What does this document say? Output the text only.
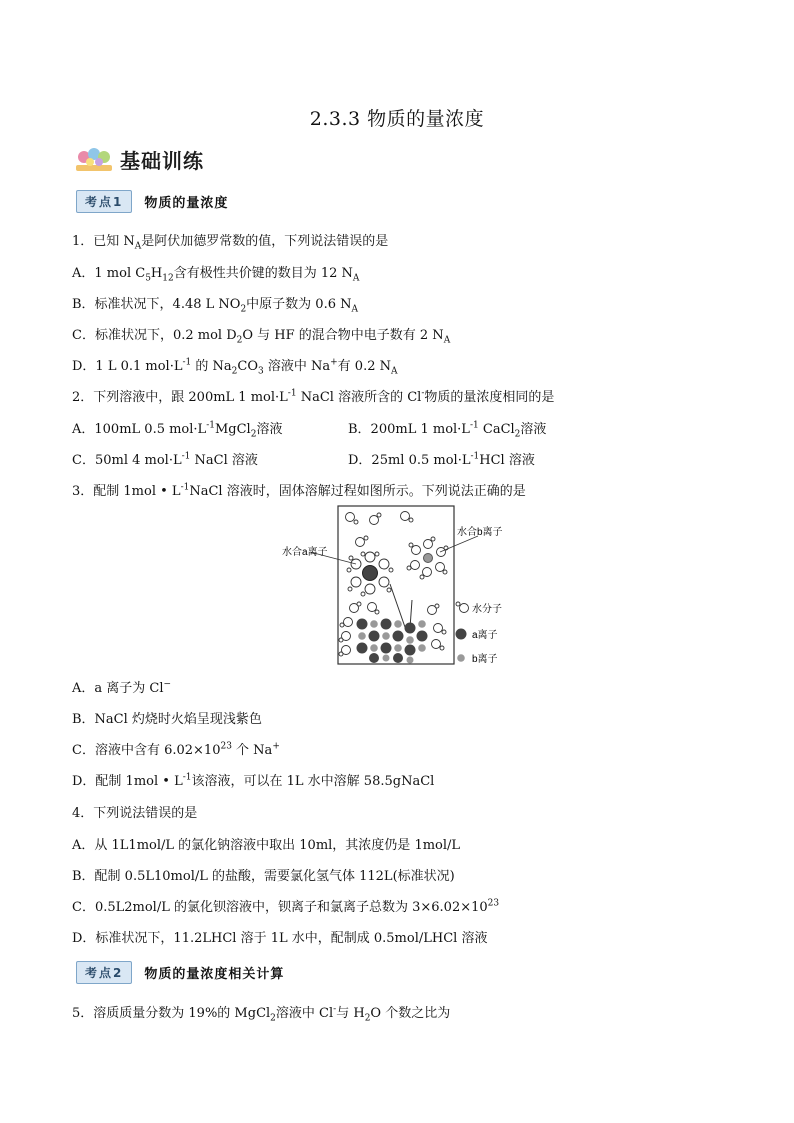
2.3.3 物质的量浓度
基础训练
考点1	物质的量浓度
1．已知 $N_A$是阿伏加德罗常数的值，下列说法错误的是
A．1 mol $C_5H_{12}$含有极性共价键的数目为 12 $N_A$
B．标准状况下，4.48 L $NO_2$中原子数为 0.6 $N_A$
C．标准状况下，0.2 mol $D_2O$ 与 HF 的混合物中电子数有 2 $N_A$
D．1 L 0.1 $mol\cdot L^{-1}$ 的 $Na_2CO_3$ 溶液中 Na+有 0.2 $N_A$
2．下列溶液中，跟 200mL 1 $mol\cdot L^{-1}$ NaCl 溶液所含的 Cl-物质的量浓度相同的是
A．100mL 0.5 $mol\cdot L^{-1}MgCl_2$溶液	B．200mL 1 $mol\cdot L^{-1}$ CaCl$_2$溶液
C．50ml 4 $mol\cdot L^{-1}$ NaCl 溶液	D．25ml 0.5 $mol\cdot L^{-1}HCl$ 溶液
3．配制 1mol • $L^{-1}NaCl$ 溶液时，固体溶解过程如图所示。下列说法正确的是
水合a离子
水合b离子
水分子
a离子
b离子
A．a 离子为 Cl−
B．NaCl 灼烧时火焰呈现浅紫色
C．溶液中含有 $6.02\times 10^{23}$ 个 Na+
D．配制 1mol • $L^{-1}$该溶液，可以在 1L 水中溶解 58.5gNaCl
4．下列说法错误的是
A．从 1L1mol/L 的氯化钠溶液中取出 10ml，其浓度仍是 1mol/L
B．配制 0.5L10mol/L 的盐酸，需要氯化氢气体 112L(标准状况)
C．0.5L2mol/L 的氯化钡溶液中，钡离子和氯离子总数为 $3\times 6.02\times 10^{23}$
D．标准状况下，11.2LHCl 溶于 1L 水中，配制成 0.5mol/LHCl 溶液
考点2	物质的量浓度相关计算
5．溶质质量分数为 19%的 MgCl$_2$溶液中 Cl-与 $H_2O$ 个数之比为
